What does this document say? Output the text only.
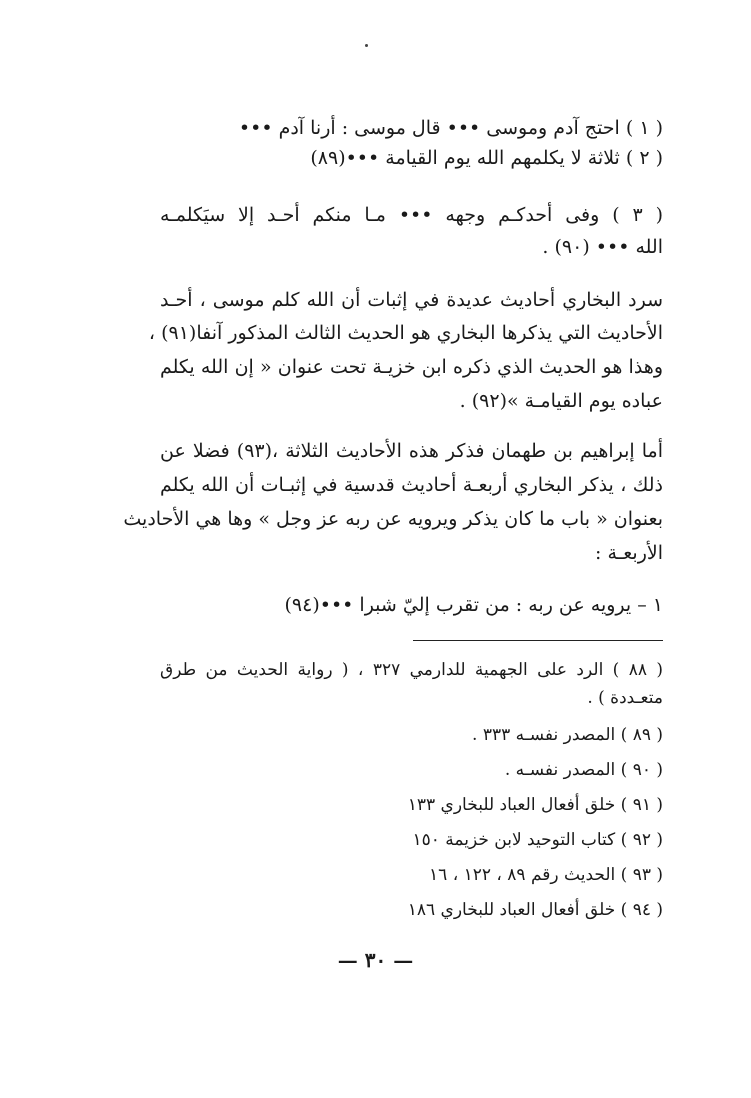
( ١ ) احتج آدم وموسى ••• قال موسى : أرنا آدم •••
( ٢ ) ثلاثة لا يكلمهم الله يوم القيامة •••(٨٩)
( ٣ ) وفى أحدكـم وجهه ••• مـا منكم أحـد إلا سيَكلمـه
الله ••• (٩٠) .
سرد البخاري أحاديث عديدة في إثبات أن الله كلم موسى ، أحـد
الأحاديث التي يذكرها البخاري هو الحديث الثالث المذكور آنفا(٩١) ،
وهذا هو الحديث الذي ذكره ابن خزيـة تحت عنوان « إن الله يكلم
عباده يوم القيامـة »(٩٢) .
أما إبراهيم بن طهمان فذكر هذه الأحاديث الثلاثة ،(٩٣) فضلا عن
ذلك ، يذكر البخاري أربعـة أحاديث قدسية في إثبـات أن الله يكلم
بعنوان « باب ما كان يذكر ويرويه عن ربه عز وجل » وها هي الأحاديث
الأربعـة :
١ – يرويه عن ربه : من تقرب إليّ شبرا •••(٩٤)
( ٨٨ ) الرد على الجهمية للدارمي ٣٢٧ ، ( رواية الحديث من طرق
متعـددة ) .
( ٨٩ ) المصدر نفسـه ٣٣٣ .
( ٩٠ ) المصدر نفسـه .
( ٩١ ) خلق أفعال العباد للبخاري ١٣٣
( ٩٢ ) كتاب التوحيد لابن خزيمة ١٥٠
( ٩٣ ) الحديث رقم ٨٩ ، ١٢٢ ، ١٦
( ٩٤ ) خلق أفعال العباد للبخاري ١٨٦
— ٣٠ —
